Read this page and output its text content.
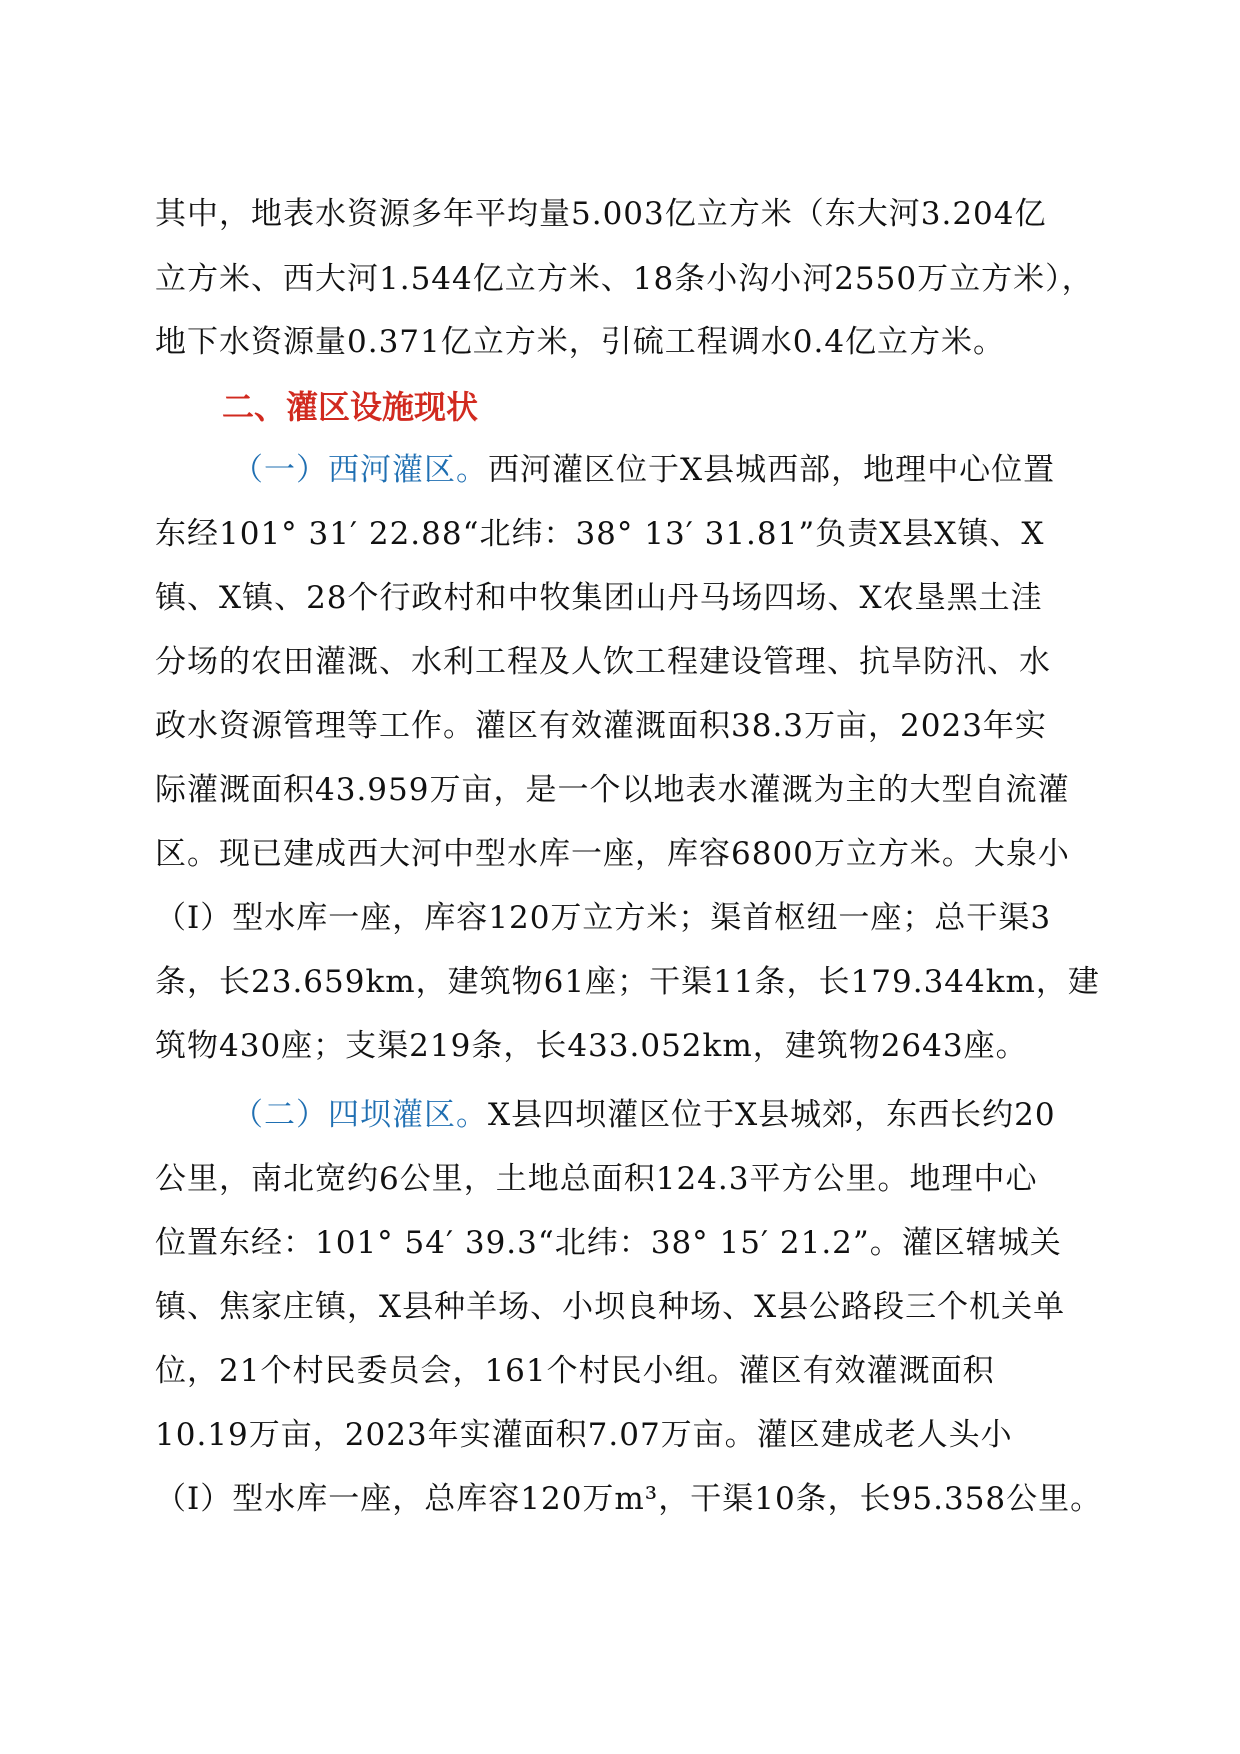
其中，地表水资源多年平均量5.003亿立方米（东大河3.204亿

立方米、西大河1.544亿立方米、18条小沟小河2550万立方米），

地下水资源量0.371亿立方米，引硫工程调水0.4亿立方米。

二、灌区设施现状

（一）西河灌区。西河灌区位于X县城西部，地理中心位置

东经101° 31′ 22.88“北纬：38° 13′ 31.81”负责X县X镇、X

镇、X镇、28个行政村和中牧集团山丹马场四场、X农垦黑土洼

分场的农田灌溉、水利工程及人饮工程建设管理、抗旱防汛、水

政水资源管理等工作。灌区有效灌溉面积38.3万亩，2023年实

际灌溉面积43.959万亩，是一个以地表水灌溉为主的大型自流灌

区。现已建成西大河中型水库一座，库容6800万立方米。大泉小

（I）型水库一座，库容120万立方米；渠首枢纽一座；总干渠3

条，长23.659km，建筑物61座；干渠11条，长179.344km，建

筑物430座；支渠219条，长433.052km，建筑物2643座。

（二）四坝灌区。X县四坝灌区位于X县城郊，东西长约20

公里，南北宽约6公里，土地总面积124.3平方公里。地理中心

位置东经：101° 54′ 39.3“北纬：38° 15′ 21.2”。灌区辖城关

镇、焦家庄镇，X县种羊场、小坝良种场、X县公路段三个机关单

位，21个村民委员会，161个村民小组。灌区有效灌溉面积

10.19万亩，2023年实灌面积7.07万亩。灌区建成老人头小

（I）型水库一座，总库容120万m³，干渠10条，长95.358公里。
